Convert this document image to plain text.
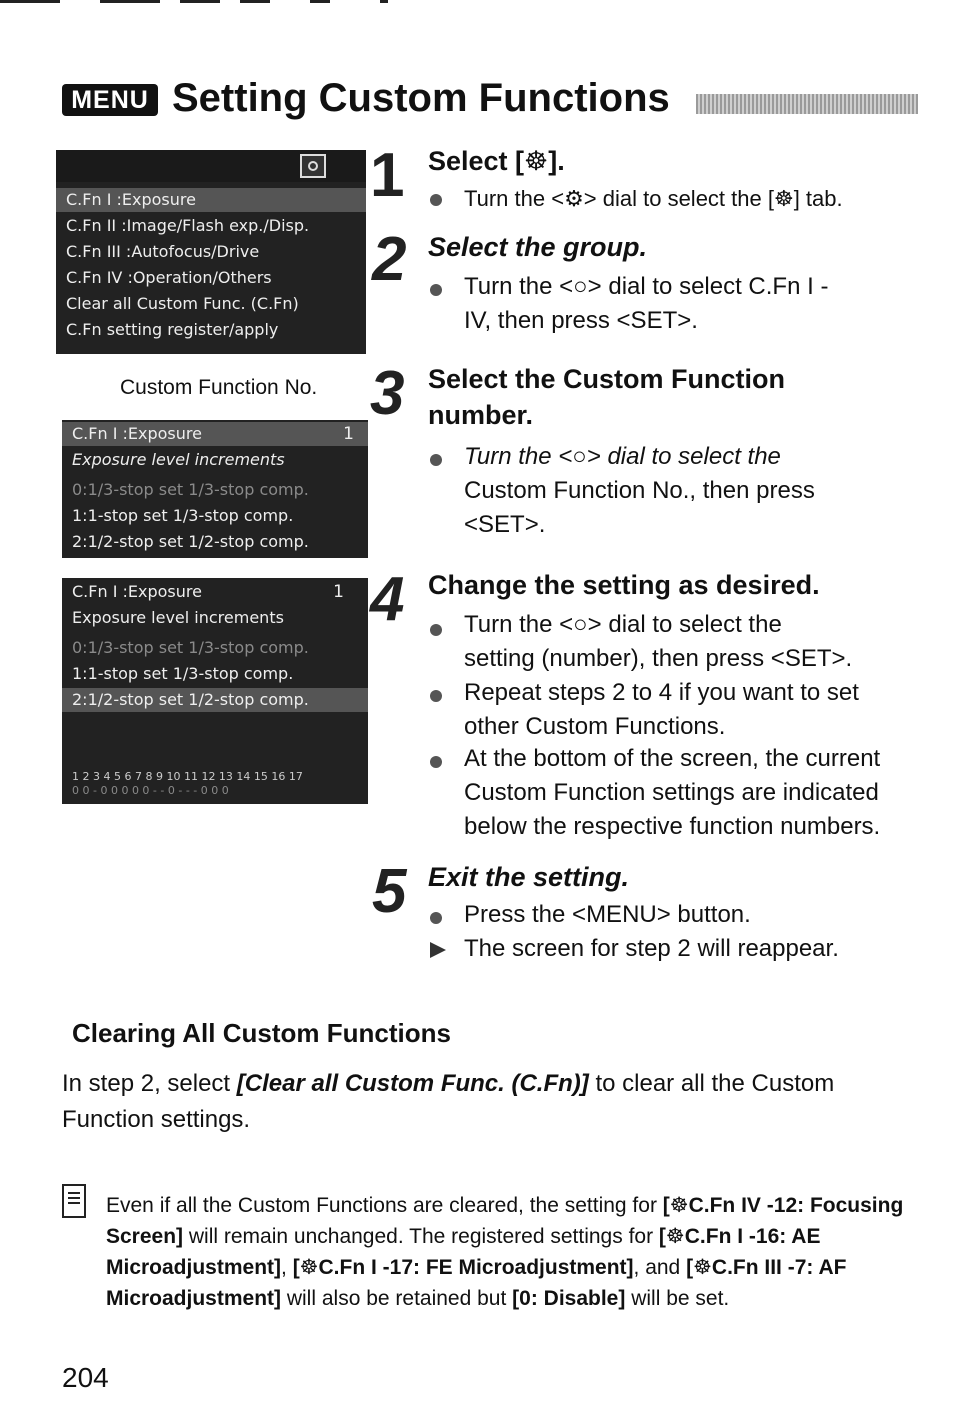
MENU Setting Custom Functions
C.Fn I :Exposure
C.Fn II :Image/Flash exp./Disp.
C.Fn III :Autofocus/Drive
C.Fn IV :Operation/Others
Clear all Custom Func. (C.Fn)
C.Fn setting register/apply
Custom Function No.
C.Fn I :Exposure	1
Exposure level increments
0:1/3-stop set 1/3-stop comp.
1:1-stop set 1/3-stop comp.
2:1/2-stop set 1/2-stop comp.
C.Fn I :Exposure	1
Exposure level increments
0:1/3-stop set 1/3-stop comp.
1:1-stop set 1/3-stop comp.
2:1/2-stop set 1/2-stop comp.
1 2 3 4 5 6 7 8 9 10 11 12 13 14 15 16 17
0 0 - 0 0 0 0 0 - - 0 - - - 0 0 0
1 Select [☸].
Turn the <⚙> dial to select the [☸] tab.
2 Select the group.
Turn the <○> dial to select C.Fn I -
IV, then press <SET>.
3 Select the Custom Function
number.
Turn the <○> dial to select the
Custom Function No., then press
<SET>.
4 Change the setting as desired.
Turn the <○> dial to select the
setting (number), then press <SET>.
Repeat steps 2 to 4 if you want to set
other Custom Functions.
At the bottom of the screen, the current
Custom Function settings are indicated
below the respective function numbers.
5 Exit the setting.
Press the <MENU> button.
The screen for step 2 will reappear.
Clearing All Custom Functions
In step 2, select [Clear all Custom Func. (C.Fn)] to clear all the Custom Function settings.
Even if all the Custom Functions are cleared, the setting for [☸C.Fn IV -12: Focusing Screen] will remain unchanged. The registered settings for [☸C.Fn I -16: AE Microadjustment], [☸C.Fn I -17: FE Microadjustment], and [☸C.Fn III -7: AF Microadjustment] will also be retained but [0: Disable] will be set.
204
